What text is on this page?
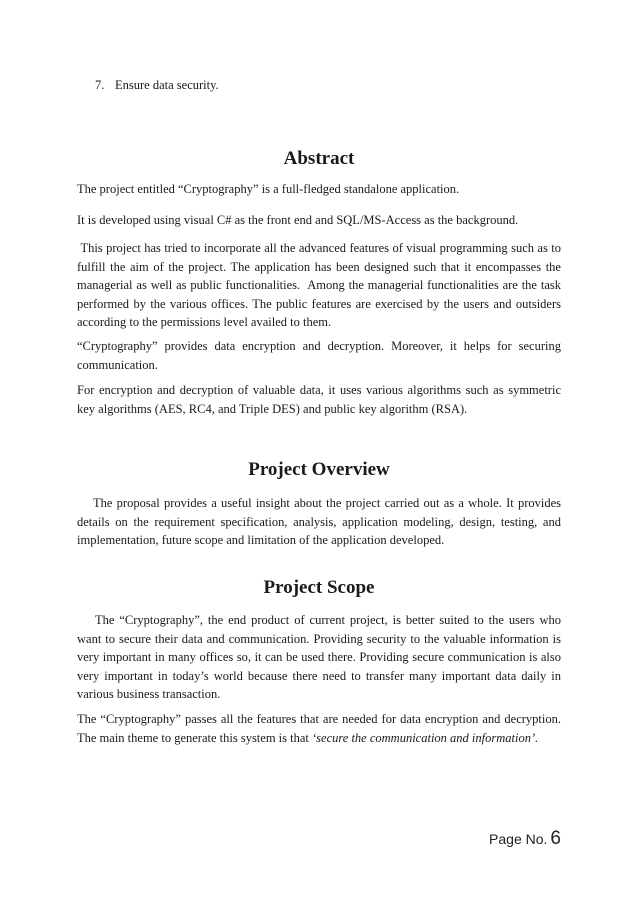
7. Ensure data security.
Abstract

The project entitled “Cryptography” is a full-fledged standalone application.

It is developed using visual C# as the front end and SQL/MS-Access as the background.

This project has tried to incorporate all the advanced features of visual programming such as to fulfill the aim of the project. The application has been designed such that it encompasses the managerial as well as public functionalities.  Among the managerial functionalities are the task performed by the various offices. The public features are exercised by the users and outsiders according to the permissions level availed to them.

“Cryptography” provides data encryption and decryption. Moreover, it helps for securing communication.

For encryption and decryption of valuable data, it uses various algorithms such as symmetric key algorithms (AES, RC4, and Triple DES) and public key algorithm (RSA).

Project Overview

The proposal provides a useful insight about the project carried out as a whole. It provides details on the requirement specification, analysis, application modeling, design, testing, and implementation, future scope and limitation of the application developed.

Project Scope

The “Cryptography”, the end product of current project, is better suited to the users who want to secure their data and communication. Providing security to the valuable information is very important in many offices so, it can be used there. Providing secure communication is also very important in today’s world because there need to transfer many important data daily in various business transaction.

The “Cryptography” passes all the features that are needed for data encryption and decryption. The main theme to generate this system is that ‘secure the communication and information’.

Page No. 6
